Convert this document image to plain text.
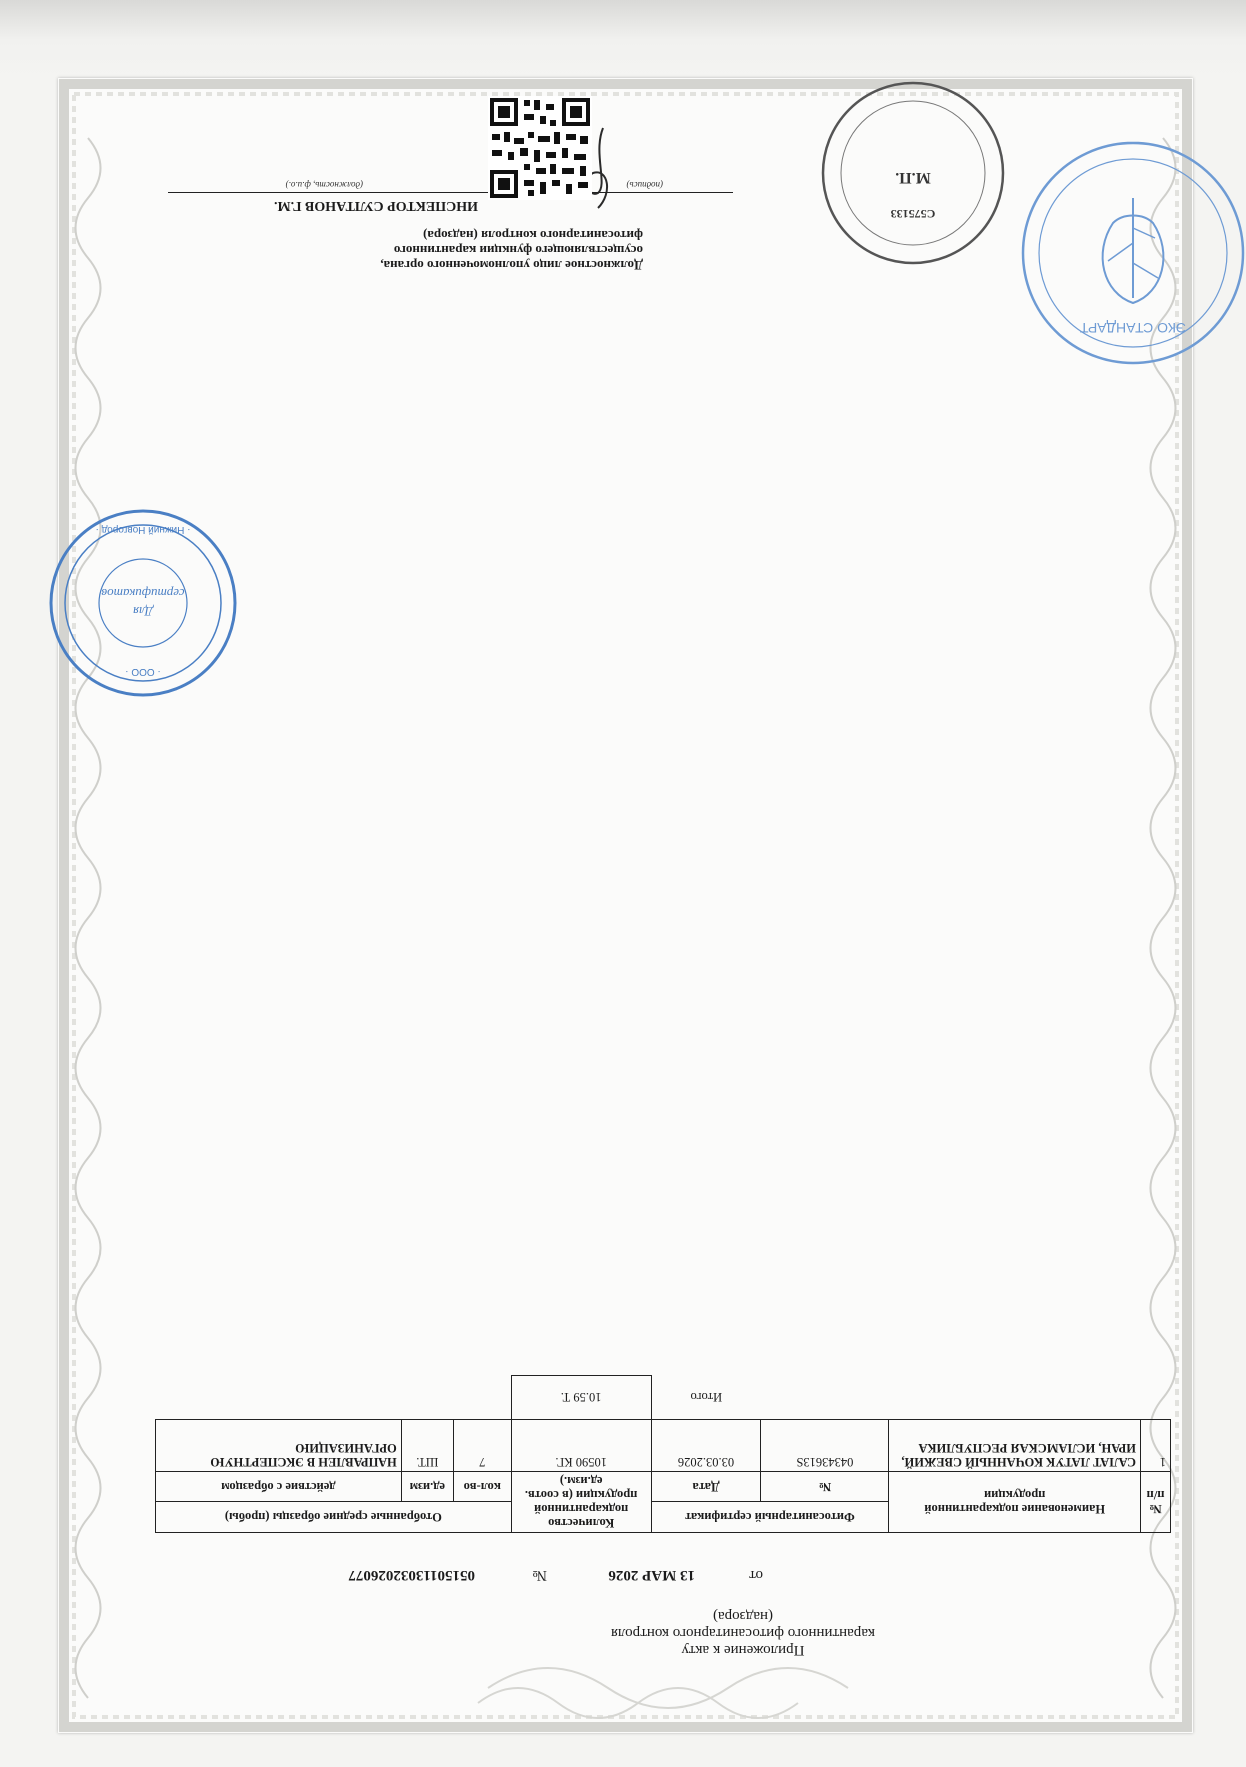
Приложение к акту
карантинного фитосанитарного контроля
(надзора)
от
13 МАР 2026
№
05150113032026077
№ п/п	Наименование подкарантинной продукции	Фитосанитарный сертификат		Количество подкарантинной продукции (в соотв. ед.изм.)	Отобранные средние образцы (пробы)		
		№	Дата		кол-во	ед.изм	действие с образцом
1	САЛАТ ЛАТУК КОЧАННЫЙ СВЕЖИЙ, ИРАН, ИСЛАМСКАЯ РЕСПУБЛИКА	04343613S	03.03.2026	10590 КГ.	7	ШТ.	НАПРАВЛЕН В ЭКСПЕРТНУЮ ОРГАНИЗАЦИЮ
			Итого	10.59 Т.			
· ООО ·
· Нижний Новгород ·
Для
сертификатов
ЭКО СТАНДАРТ
Должностное лицо уполномоченного органа, осуществляющего функции карантинного фитосанитарного контроля (надзора)
(подпись)
ИНСПЕКТОР СУЛТАНОВ Г.М.
(должность, ф.и.о.)	М.П.
С575133
